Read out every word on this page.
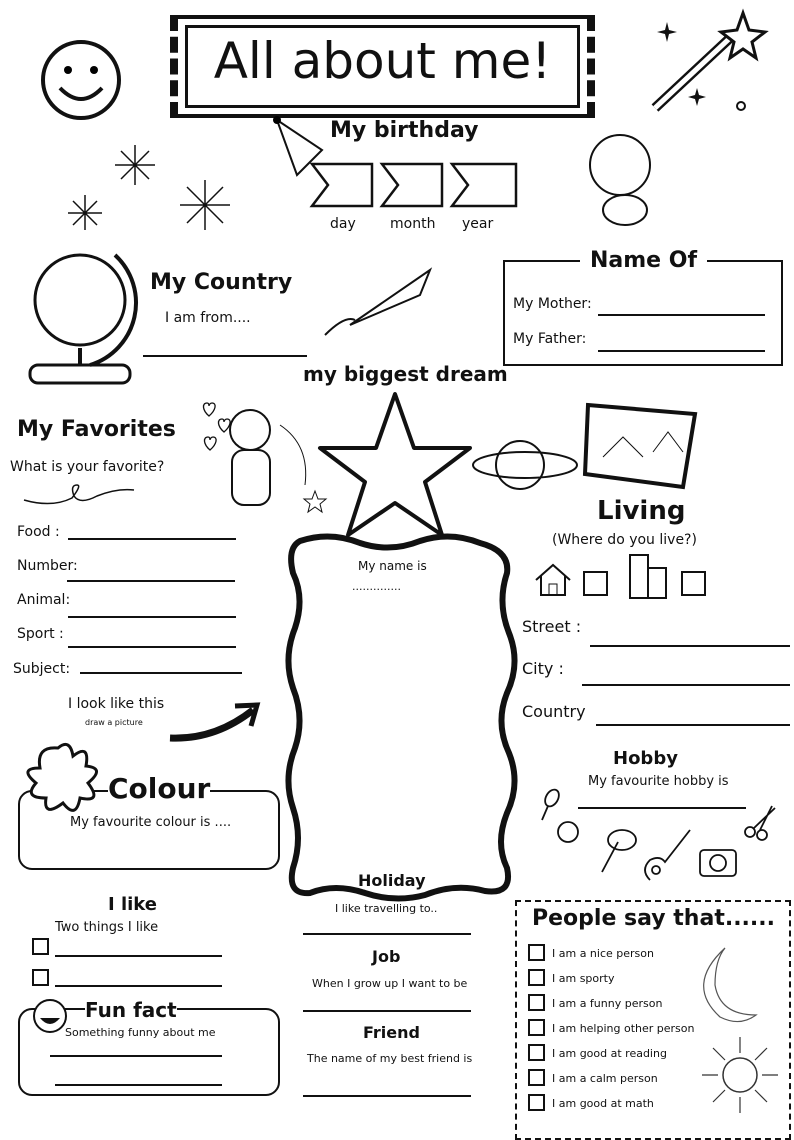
All about me!
My birthday
day month year
My Country
I am from....
Name Of
My Mother:
My Father:
my biggest dream
My Favorites
What is your favorite?
Food :
Number:
Animal:
Sport :
Subject:
I look like this
draw a picture
My name is
..............
Living
(Where do you live?)
Street :
City :
Country
Hobby
My favourite hobby is
Colour
My favourite colour is ....
I like
Two things I like
Fun fact
Something funny about me
Holiday
I like travelling to..
Job
When I grow up I want to be
Friend
The name of my best friend is
People say that......
I am a nice person
I am sporty
I am a funny person
I am helping other person
I am good at reading
I am a calm person
I am good at math
